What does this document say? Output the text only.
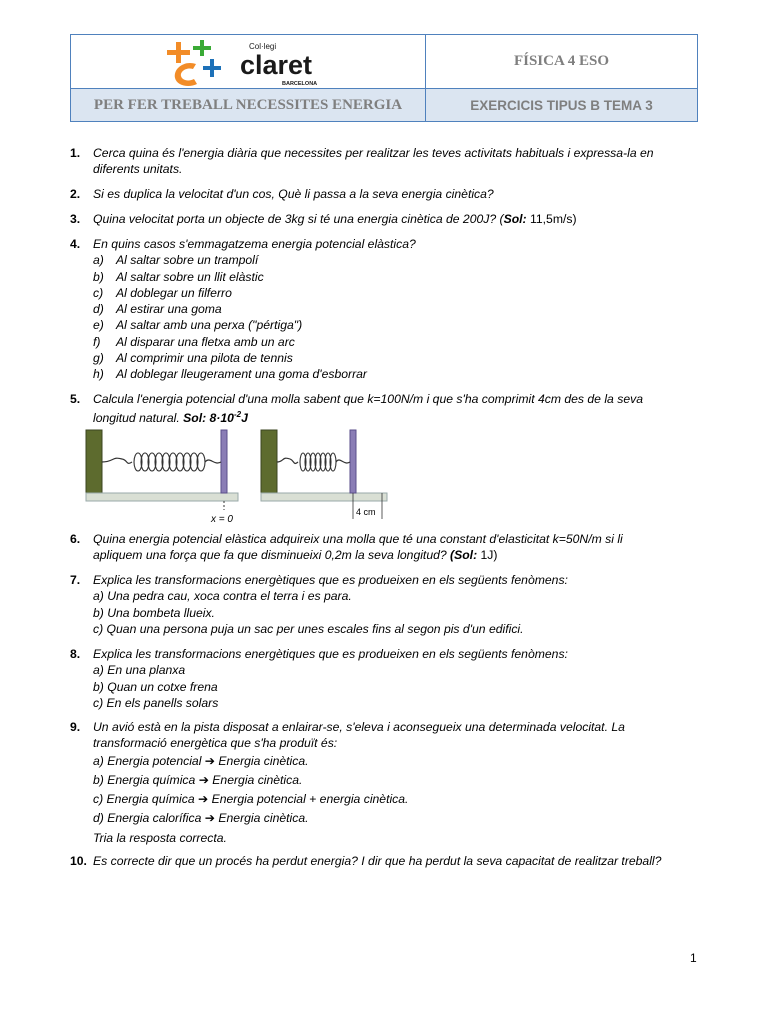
Col·legi
claret
BARCELONA
FÍSICA 4 ESO
PER FER TREBALL NECESSITES ENERGIA	EXERCICIS TIPUS B TEMA 3
1.	Cerca quina és l'energia diària que necessites per realitzar les teves activitats habituals i expressa-la en
diferents unitats.
2.	Si es duplica la velocitat d'un cos, Què li passa a la seva energia cinètica?
3.	Quina velocitat porta un objecte de 3kg si té una energia cinètica de 200J? (Sol: 11,5m/s)
4.	En quins casos s'emmagatzema energia potencial elàstica?
a) Al saltar sobre un trampolí
b) Al saltar sobre un llit elàstic
c) Al doblegar un filferro
d) Al estirar una goma
e) Al saltar amb una perxa ("pértiga")
f) Al disparar una fletxa amb un arc
g) Al comprimir una pilota de tennis
h) Al doblegar lleugerament una goma d'esborrar
5.	Calcula l'energia potencial d'una molla sabent que k=100N/m i que s'ha comprimit 4cm des de la seva
longitud natural. Sol: $8\cdot 10^{-2}J$
x = 0
4 cm
6.	Quina energia potencial elàstica adquireix una molla que té una constant d'elasticitat k=50N/m si li
apliquem una força que fa que disminueixi 0,2m la seva longitud? (Sol: 1J)
7.	Explica les transformacions energètiques que es produeixen en els següents fenòmens:
a) Una pedra cau, xoca contra el terra i es para.
b) Una bombeta llueix.
c) Quan una persona puja un sac per unes escales fins al segon pis d'un edifici.
8.	Explica les transformacions energètiques que es produeixen en els següents fenòmens:
a) En una planxa
b) Quan un cotxe frena
c) En els panells solars
9.	Un avió està en la pista disposat a enlairar-se, s'eleva i aconsegueix una determinada velocitat. La
transformació energètica que s'ha produït és:
a) Energia potencial ➔ Energia cinètica.
b) Energia química ➔ Energia cinètica.
c) Energia química ➔ Energia potencial + energia cinètica.
d) Energia calorífica ➔ Energia cinètica.
Tria la resposta correcta.
10. Es correcte dir que un procés ha perdut energia? I dir que ha perdut la seva capacitat de realitzar treball?
1
